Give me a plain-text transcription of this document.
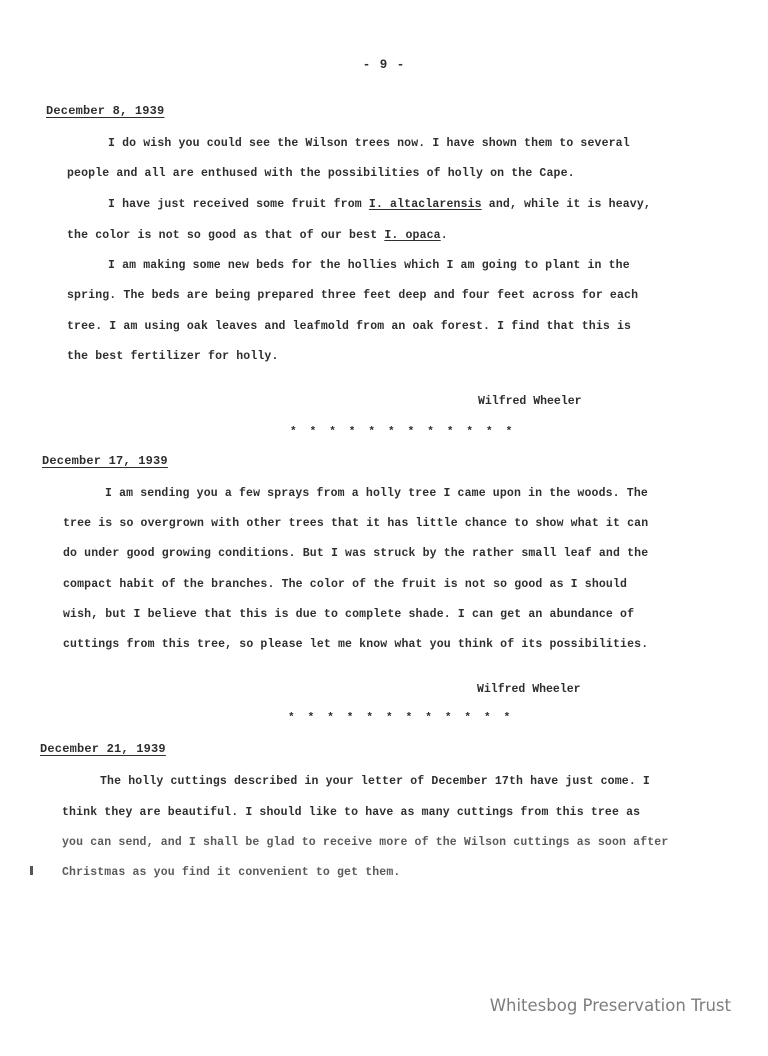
- 9 -
December 8, 1939
I do wish you could see the Wilson trees now. I have shown them to several
people and all are enthused with the possibilities of holly on the Cape.
I have just received some fruit from I. altaclarensis and, while it is heavy,
the color is not so good as that of our best I. opaca.
I am making some new beds for the hollies which I am going to plant in the
spring. The beds are being prepared three feet deep and four feet across for each
tree. I am using oak leaves and leafmold from an oak forest. I find that this is
the best fertilizer for holly.
Wilfred Wheeler
* * * * * * * * * * * *
December 17, 1939
I am sending you a few sprays from a holly tree I came upon in the woods. The
tree is so overgrown with other trees that it has little chance to show what it can
do under good growing conditions. But I was struck by the rather small leaf and the
compact habit of the branches. The color of the fruit is not so good as I should
wish, but I believe that this is due to complete shade. I can get an abundance of
cuttings from this tree, so please let me know what you think of its possibilities.
Wilfred Wheeler
* * * * * * * * * * * *
December 21, 1939
The holly cuttings described in your letter of December 17th have just come. I
think they are beautiful. I should like to have as many cuttings from this tree as
you can send, and I shall be glad to receive more of the Wilson cuttings as soon after
Christmas as you find it convenient to get them.
Whitesbog Preservation Trust
